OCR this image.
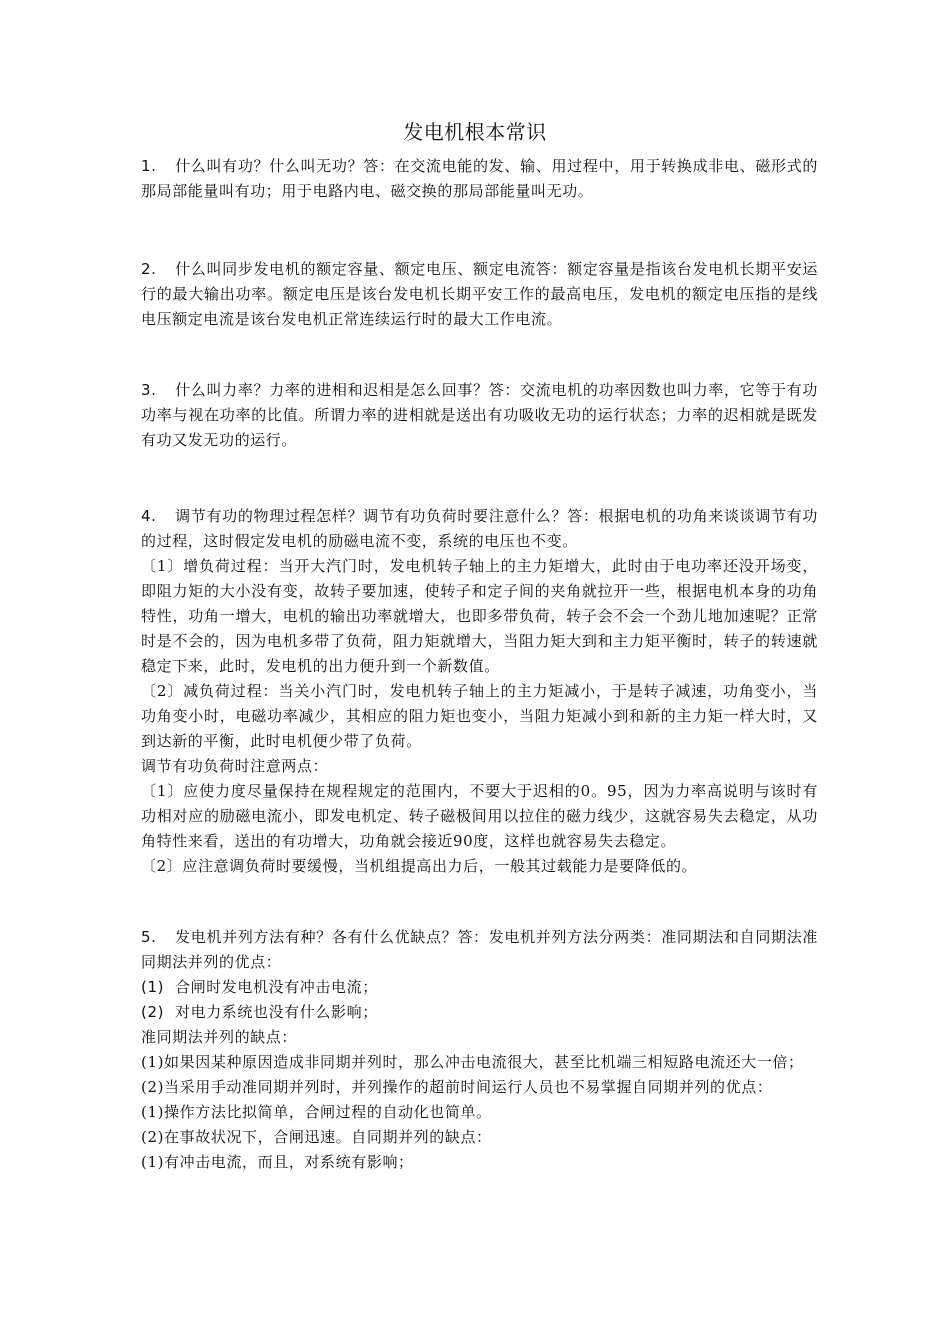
发电机根本常识

1. 什么叫有功？什么叫无功？答：在交流电能的发、输、用过程中，用于转换成非电、磁形式的那局部能量叫有功；用于电路内电、磁交换的那局部能量叫无功。

2. 什么叫同步发电机的额定容量、额定电压、额定电流答：额定容量是指该台发电机长期平安运行的最大输出功率。额定电压是该台发电机长期平安工作的最高电压，发电机的额定电压指的是线电压额定电流是该台发电机正常连续运行时的最大工作电流。

3. 什么叫力率？力率的进相和迟相是怎么回事？答：交流电机的功率因数也叫力率，它等于有功功率与视在功率的比值。所谓力率的进相就是送出有功吸收无功的运行状态；力率的迟相就是既发有功又发无功的运行。

4. 调节有功的物理过程怎样？调节有功负荷时要注意什么？答：根据电机的功角来谈谈调节有功的过程，这时假定发电机的励磁电流不变，系统的电压也不变。

〔1〕增负荷过程：当开大汽门时，发电机转子轴上的主力矩增大，此时由于电功率还没开场变，即阻力矩的大小没有变，故转子要加速，使转子和定子间的夹角就拉开一些，根据电机本身的功角特性，功角一增大，电机的输出功率就增大，也即多带负荷，转子会不会一个劲儿地加速呢？正常时是不会的，因为电机多带了负荷，阻力矩就增大，当阻力矩大到和主力矩平衡时，转子的转速就稳定下来，此时，发电机的出力便升到一个新数值。

〔2〕减负荷过程：当关小汽门时，发电机转子轴上的主力矩减小，于是转子减速，功角变小，当功角变小时，电磁功率减少，其相应的阻力矩也变小，当阻力矩减小到和新的主力矩一样大时，又到达新的平衡，此时电机便少带了负荷。

调节有功负荷时注意两点：

〔1〕应使力度尽量保持在规程规定的范围内，不要大于迟相的0。95，因为力率高说明与该时有功相对应的励磁电流小，即发电机定、转子磁极间用以拉住的磁力线少，这就容易失去稳定，从功角特性来看，送出的有功增大，功角就会接近90度，这样也就容易失去稳定。

〔2〕应注意调负荷时要缓慢，当机组提高出力后，一般其过载能力是要降低的。

5. 发电机并列方法有种？各有什么优缺点？答：发电机并列方法分两类：准同期法和自同期法准同期法并列的优点：

(1) 合闸时发电机没有冲击电流；

(2) 对电力系统也没有什么影响；

准同期法并列的缺点：

(1)如果因某种原因造成非同期并列时，那么冲击电流很大，甚至比机端三相短路电流还大一倍；

(2)当采用手动准同期并列时，并列操作的超前时间运行人员也不易掌握自同期并列的优点：

(1)操作方法比拟简单，合闸过程的自动化也简单。

(2)在事故状况下，合闸迅速。自同期并列的缺点：

(1)有冲击电流，而且，对系统有影响；
